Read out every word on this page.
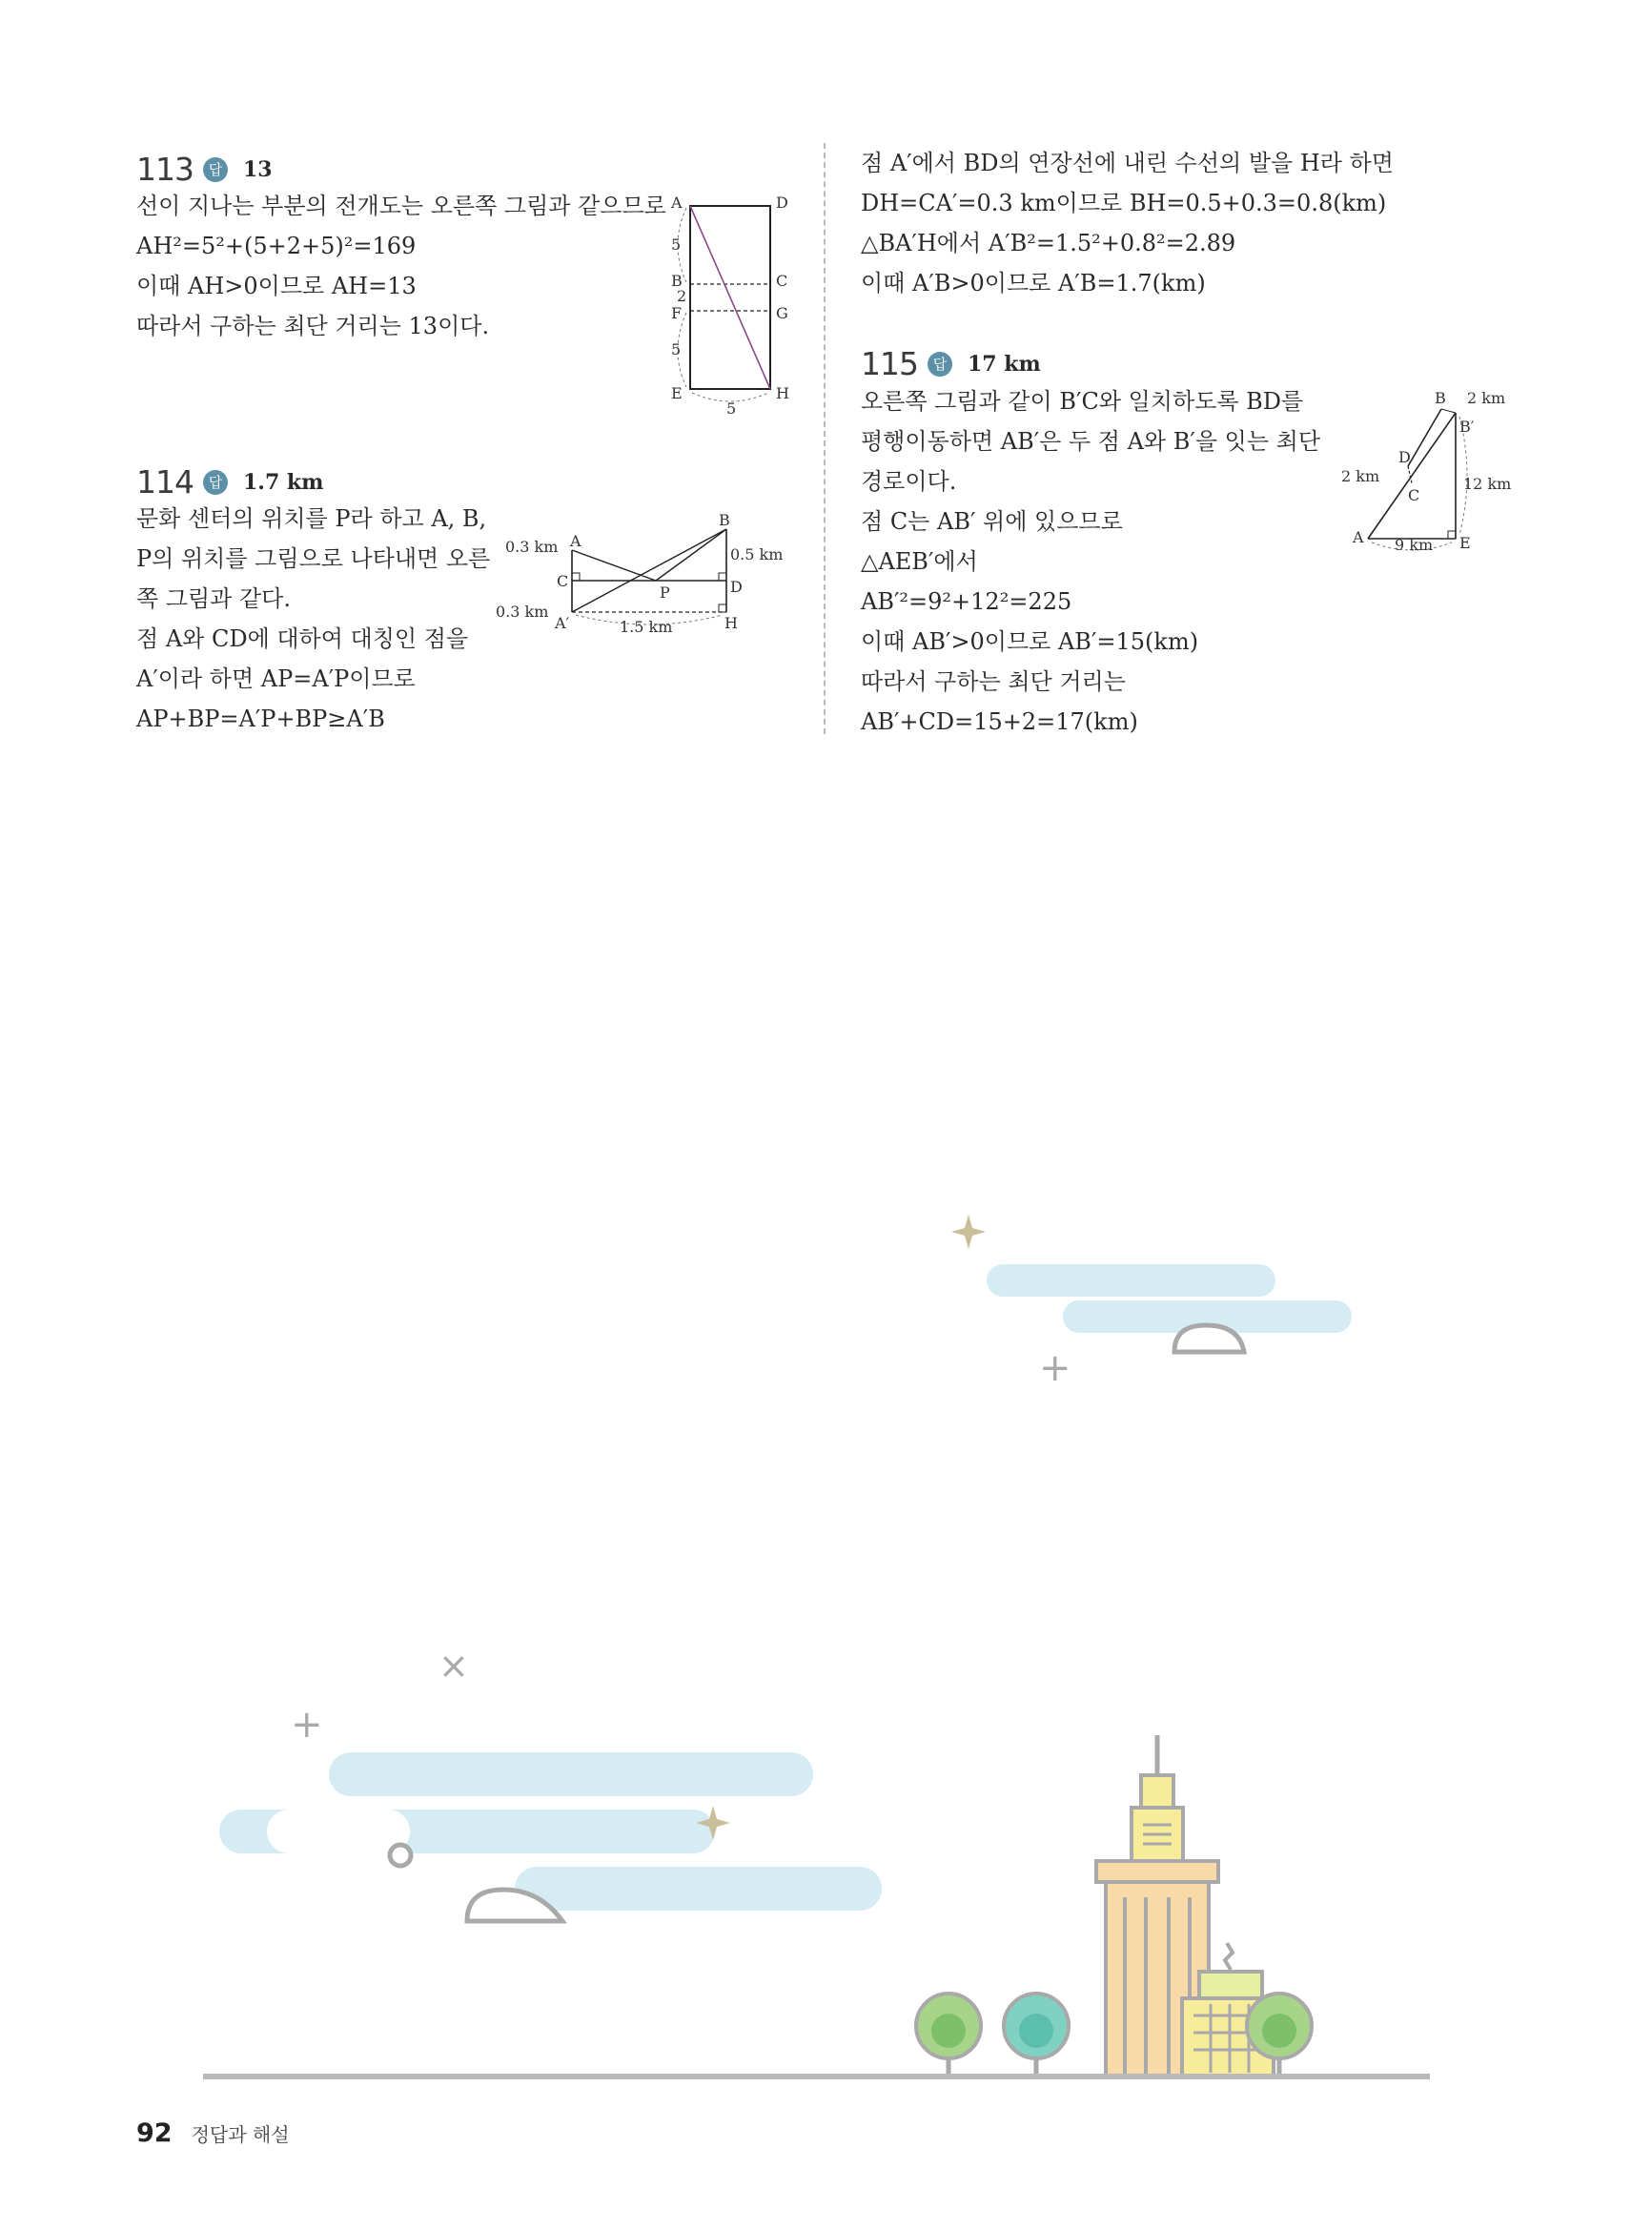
113	답 13
선이 지나는 부분의 전개도는 오른쪽 그림과 같으므로
AH²=5²+(5+2+5)²=169
이때 AH>0이므로 AH=13
따라서 구하는 최단 거리는 13이다.
A	D
B	C
F	G
E	H
5
2
5
5
114	답 1.7 km
문화 센터의 위치를 P라 하고 A, B,
P의 위치를 그림으로 나타내면 오른
쪽 그림과 같다.
점 A와 CD에 대하여 대칭인 점을
A′이라 하면 AP=A′P이므로
AP+BP=A′P+BP≥A′B
A
B
C	D
P
A′	H
0.3 km
0.3 km
0.5 km
1.5 km
점 A′에서 BD의 연장선에 내린 수선의 발을 H라 하면
DH=CA′=0.3 km이므로 BH=0.5+0.3=0.8(km)
△BA′H에서 A′B²=1.5²+0.8²=2.89
이때 A′B>0이므로 A′B=1.7(km)
115	답 17 km
오른쪽 그림과 같이 B′C와 일치하도록 BD를
평행이동하면 AB′은 두 점 A와 B′을 잇는 최단
경로이다.
점 C는 AB′ 위에 있으므로
△AEB′에서
AB′²=9²+12²=225
이때 AB′>0이므로 AB′=15(km)
따라서 구하는 최단 거리는
AB′+CD=15+2=17(km)
B 2 km
B′
D
2 km
C
12 km
A 9 km E
+
×
+
92 정답과 해설
